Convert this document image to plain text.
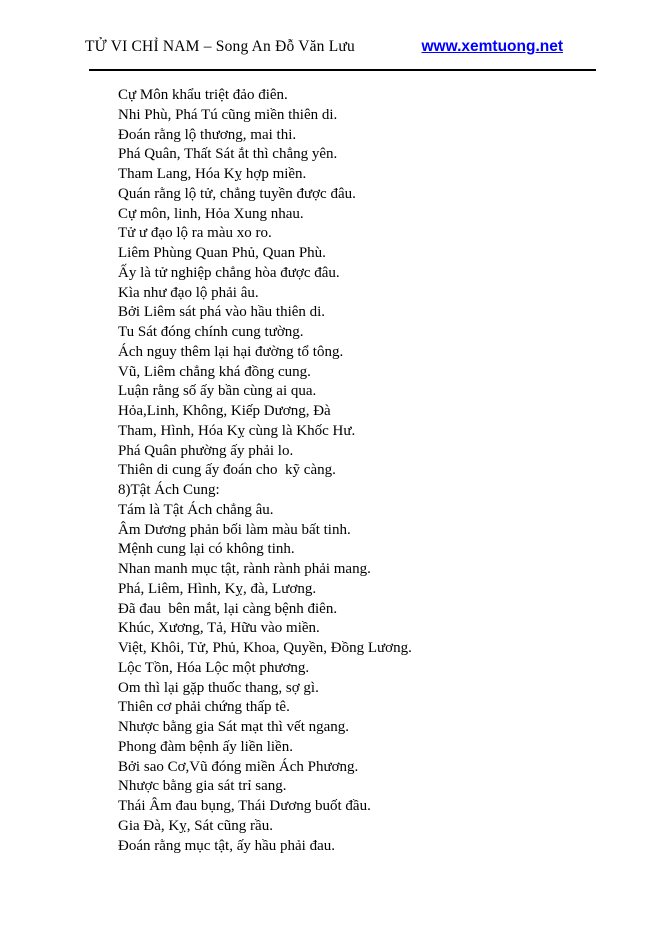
TỬ VI CHỈ NAM – Song An Đỗ Văn Lưu	www.xemtuong.net
Cự Môn khẩu triệt đảo điên.
Nhi Phù, Phá Tú cũng miền thiên di.
Đoán rằng lộ thương, mai thi.
Phá Quân, Thất Sát ắt thì chẳng yên.
Tham Lang, Hóa Kỵ hợp miền.
Quán rằng lộ tử, chẳng tuyền được đâu.
Cự môn, linh, Hỏa Xung nhau.
Tử ư đạo lộ ra màu xo ro.
Liêm Phùng Quan Phủ, Quan Phù.
Ấy là tử nghiệp chẳng hòa được đâu.
Kìa như đạo lộ phải âu.
Bởi Liêm sát phá vào hầu thiên di.
Tu Sát đóng chính cung tường.
Ách nguy thêm lại hại đường tổ tông.
Vũ, Liêm chẳng khá đồng cung.
Luận rằng số ấy bần cùng ai qua.
Hỏa,Linh, Không, Kiếp Dương, Đà
Tham, Hình, Hóa Kỵ cùng là Khốc Hư.
Phá Quân phường ấy phải lo.
Thiên di cung ấy đoán cho  kỹ càng.
8)Tật Ách Cung:
Tám là Tật Ách chẳng âu.
Âm Dương phản bối làm màu bất tinh.
Mệnh cung lại có không tinh.
Nhan manh mục tật, rành rành phải mang.
Phá, Liêm, Hình, Kỵ, đà, Lương.
Đã đau  bên mắt, lại càng bệnh điên.
Khúc, Xương, Tả, Hữu vào miền.
Việt, Khôi, Tử, Phủ, Khoa, Quyền, Đồng Lương.
Lộc Tồn, Hóa Lộc một phương.
Om thì lại gặp thuốc thang, sợ gì.
Thiên cơ phải chứng thấp tê.
Nhược bằng gia Sát mạt thì vết ngang.
Phong đàm bệnh ấy liền liền.
Bởi sao Cơ,Vũ đóng miền Ách Phương.
Nhược bằng gia sát trỉ sang.
Thái Âm đau bụng, Thái Dương buốt đầu.
Gia Đà, Kỵ, Sát cũng rầu.
Đoán rằng mục tật, ấy hầu phải đau.
